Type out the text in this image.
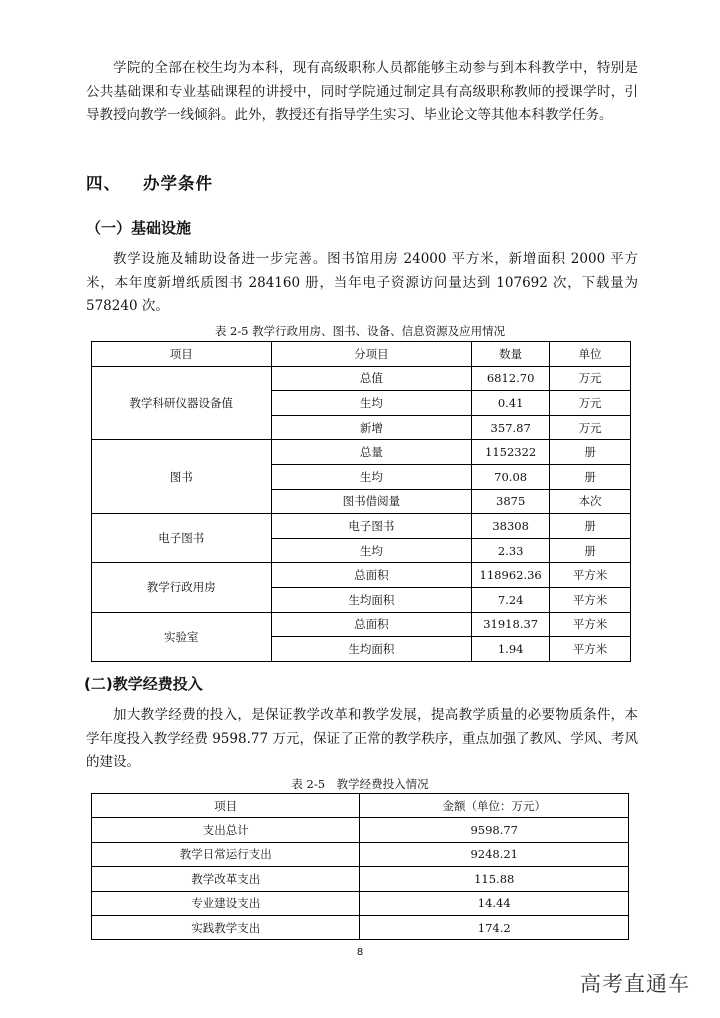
学院的全部在校生均为本科，现有高级职称人员都能够主动参与到本科教学中，特别是公共基础课和专业基础课程的讲授中，同时学院通过制定具有高级职称教师的授课学时，引导教授向教学一线倾斜。此外，教授还有指导学生实习、毕业论文等其他本科教学任务。

四、 办学条件
（一）基础设施

教学设施及辅助设备进一步完善。图书馆用房 24000 平方米，新增面积 2000 平方米，本年度新增纸质图书 284160 册，当年电子资源访问量达到 107692 次，下载量为 578240 次。

表 2-5 教学行政用房、图书、设备、信息资源及应用情况
项目	分项目	数量	单位
教学科研仪器设备值	总值	6812.70	万元
	生均	0.41	万元
	新增	357.87	万元
图书	总量	1152322	册
	生均	70.08	册
	图书借阅量	3875	本次
电子图书	电子图书	38308	册
	生均	2.33	册
教学行政用房	总面积	118962.36	平方米
	生均面积	7.24	平方米
实验室	总面积	31918.37	平方米
	生均面积	1.94	平方米
(二)教学经费投入

加大教学经费的投入，是保证教学改革和教学发展，提高教学质量的必要物质条件，本学年度投入教学经费 9598.77 万元，保证了正常的教学秩序，重点加强了教风、学风、考风的建设。

表 2-5　教学经费投入情况
项目	金额（单位：万元）
支出总计	9598.77
教学日常运行支出	9248.21
教学改革支出	115.88
专业建设支出	14.44
实践教学支出	174.2
8
高考直通车
